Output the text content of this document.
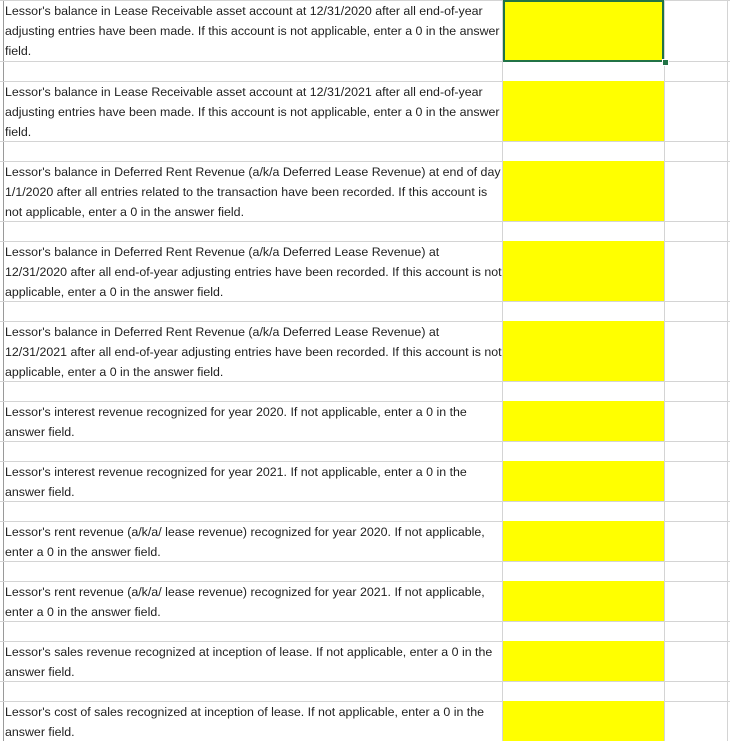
Lessor's balance in Lease Receivable asset account at 12/31/2020 after all end-of-year adjusting entries have been made. If this account is not applicable, enter a 0 in the answer field.
Lessor's balance in Lease Receivable asset account at 12/31/2021 after all end-of-year adjusting entries have been made. If this account is not applicable, enter a 0 in the answer field.
Lessor's balance in Deferred Rent Revenue (a/k/a Deferred Lease Revenue) at end of day 1/1/2020 after all entries related to the transaction have been recorded. If this account is not applicable, enter a 0 in the answer field.
Lessor's balance in Deferred Rent Revenue (a/k/a Deferred Lease Revenue) at 12/31/2020 after all end-of-year adjusting entries have been recorded. If this account is not applicable, enter a 0 in the answer field.
Lessor's balance in Deferred Rent Revenue (a/k/a Deferred Lease Revenue) at 12/31/2021 after all end-of-year adjusting entries have been recorded. If this account is not applicable, enter a 0 in the answer field.
Lessor's interest revenue recognized for year 2020. If not applicable, enter a 0 in the answer field.
Lessor's interest revenue recognized for year 2021. If not applicable, enter a 0 in the answer field.
Lessor's rent revenue (a/k/a/ lease revenue) recognized for year 2020. If not applicable, enter a 0 in the answer field.
Lessor's rent revenue (a/k/a/ lease revenue) recognized for year 2021. If not applicable, enter a 0 in the answer field.
Lessor's sales revenue recognized at inception of lease. If not applicable, enter a 0 in the answer field.
Lessor's cost of sales recognized at inception of lease. If not applicable, enter a 0 in the answer field.
